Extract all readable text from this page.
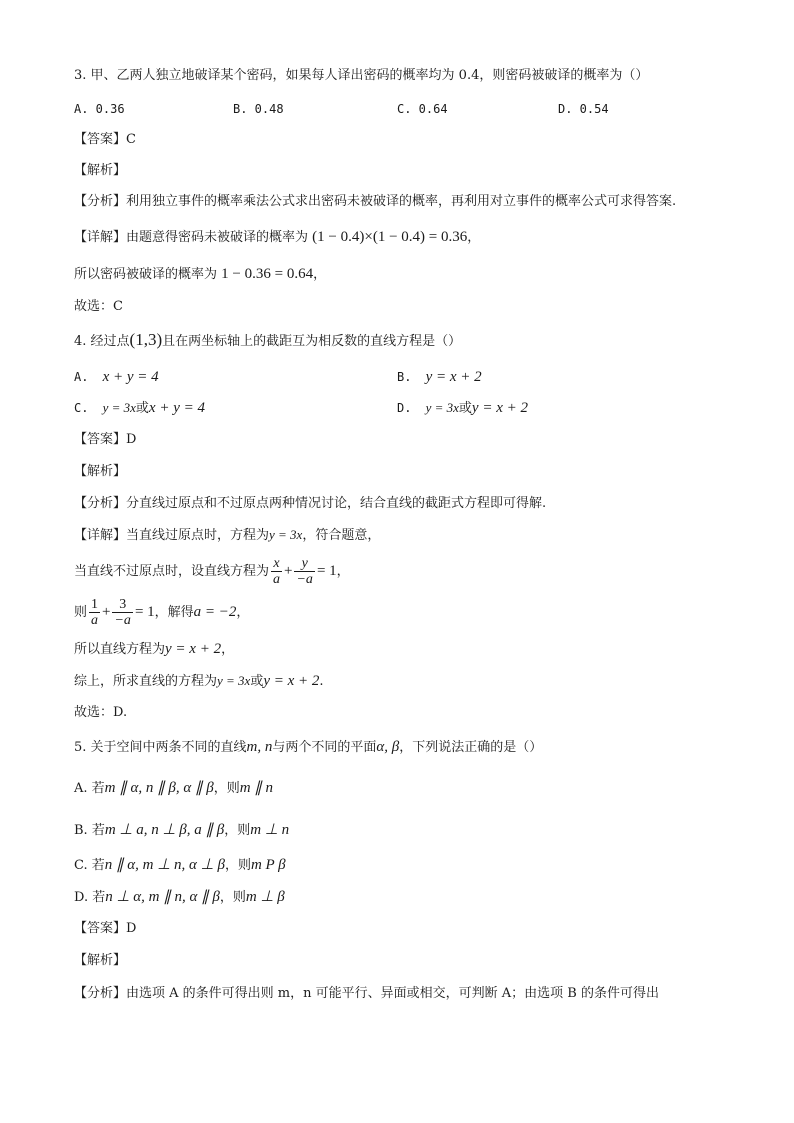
3. 甲、乙两人独立地破译某个密码，如果每人译出密码的概率均为 0.4，则密码被破译的概率为（）
A. 0.36	B. 0.48	C. 0.64	D. 0.54
【答案】C
【解析】
【分析】利用独立事件的概率乘法公式求出密码未被破译的概率，再利用对立事件的概率公式可求得答案.
【详解】由题意得密码未被破译的概率为 (1 − 0.4)×(1 − 0.4) = 0.36，
所以密码被破译的概率为 1 − 0.36 = 0.64，
故选：C
4. 经过点(1,3)且在两坐标轴上的截距互为相反数的直线方程是（）
A. x + y = 4	B. y = x + 2
C. y = 3x或x + y = 4	D. y = 3x或y = x + 2
【答案】D
【解析】
【分析】分直线过原点和不过原点两种情况讨论，结合直线的截距式方程即可得解.
【详解】当直线过原点时，方程为y = 3x，符合题意，
当直线不过原点时，设直线方程为 $\frac{x}{a} + \frac{y}{-a} = 1$，
则 $\frac{1}{a} + \frac{3}{-a} = 1$，解得a = −2，
所以直线方程为y = x + 2，
综上，所求直线的方程为y = 3x或y = x + 2.
故选：D.
5. 关于空间中两条不同的直线m, n与两个不同的平面α, β，下列说法正确的是（）
A. 若m ∥ α, n ∥ β, α ∥ β，则m ∥ n
B. 若m ⊥ a, n ⊥ β, a ∥ β，则m ⊥ n
C. 若n ∥ α, m ⊥ n, α ⊥ β，则m P β
D. 若n ⊥ α, m ∥ n, α ∥ β，则m ⊥ β
【答案】D
【解析】
【分析】由选项 A 的条件可得出则 m，n 可能平行、异面或相交，可判断 A；由选项 B 的条件可得出
